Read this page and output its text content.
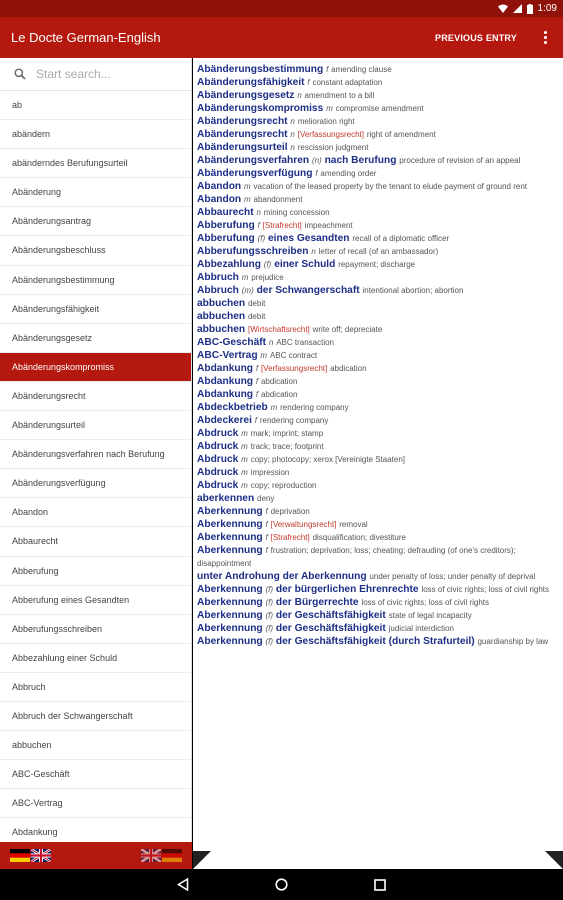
1:09
Le Docte German-English	PREVIOUS ENTRY
Start search...
ab
abändern
abänderndes Berufungsurteil
Abänderung
Abänderungsantrag
Abänderungsbeschluss
Abänderungsbestimmung
Abänderungsfähigkeit
Abänderungsgesetz
Abänderungskompromiss
Abänderungsrecht
Abänderungsurteil
Abänderungsverfahren nach Berufung
Abänderungsverfügung
Abandon
Abbaurecht
Abberufung
Abberufung eines Gesandten
Abberufungsschreiben
Abbezahlung einer Schuld
Abbruch
Abbruch der Schwangerschaft
abbuchen
ABC-Geschäft
ABC-Vertrag
Abdankung
Abänderungsbestimmung f amending clause
Abänderungsfähigkeit f constant adaptation
Abänderungsgesetz n amendment to a bill
Abänderungskompromiss m compromise amendment
Abänderungsrecht n melioration right
Abänderungsrecht n [Verfassungsrecht] right of amendment
Abänderungsurteil n rescission judgment
Abänderungsverfahren (n) nach Berufung procedure of revision of an appeal
Abänderungsverfügung f amending order
Abandon m vacation of the leased property by the tenant to elude payment of ground rent
Abandon m abandonment
Abbaurecht n mining concession
Abberufung f [Strafrecht] impeachment
Abberufung (f) eines Gesandten recall of a diplomatic officer
Abberufungsschreiben n letter of recall (of an ambassador)
Abbezahlung (f) einer Schuld repayment; discharge
Abbruch m prejudice
Abbruch (m) der Schwangerschaft intentional abortion; abortion
abbuchen debit
abbuchen debit
abbuchen [Wirtschaftsrecht] write off; depreciate
ABC-Geschäft n ABC transaction
ABC-Vertrag m ABC contract
Abdankung f [Verfassungsrecht] abdication
Abdankung f abdication
Abdankung f abdication
Abdeckbetrieb m rendering company
Abdeckerei f rendering company
Abdruck m mark; imprint; stamp
Abdruck m track; trace; footprint
Abdruck m copy; photocopy; xerox [Vereinigte Staaten]
Abdruck m impression
Abdruck m copy; reproduction
aberkennen deny
Aberkennung f deprivation
Aberkennung f [Verwaltungsrecht] removal
Aberkennung f [Strafrecht] disqualification; divestiture
Aberkennung f frustration; deprivation; loss; cheating; defrauding (of one's creditors); disappointment
unter Androhung der Aberkennung under penalty of loss; under penalty of deprival
Aberkennung (f) der bürgerlichen Ehrenrechte loss of civic rights; loss of civil rights
Aberkennung (f) der Bürgerrechte loss of civic rights; loss of civil rights
Aberkennung (f) der Geschäftsfähigkeit state of legal incapacity
Aberkennung (f) der Geschäftsfähigkeit judicial interdiction
Aberkennung (f) der Geschäftsfähigkeit (durch Strafurteil) guardianship by law
